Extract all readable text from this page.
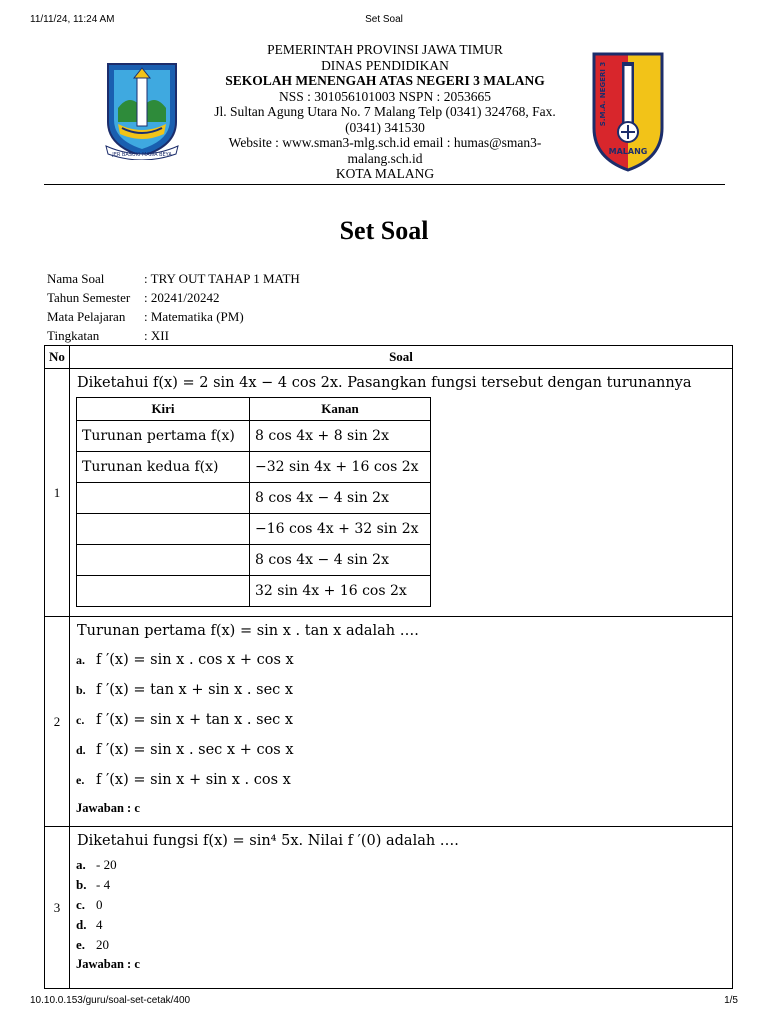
11/11/24, 11:24 AM	Set Soal
JER BASUKI MAWA BEYA
PEMERINTAH PROVINSI JAWA TIMUR
DINAS PENDIDIKAN
SEKOLAH MENENGAH ATAS NEGERI 3 MALANG
NSS : 301056101003 NSPN : 2053665
Jl. Sultan Agung Utara No. 7 Malang Telp (0341) 324768, Fax. (0341) 341530
Website : www.sman3-mlg.sch.id email : humas@sman3-malang.sch.id
KOTA MALANG
S.M.A. NEGERI 3
MALANG
Set Soal
Nama Soal	: TRY OUT TAHAP 1 MATH
Tahun Semester : 20241/20242
Mata Pelajaran : Matematika (PM)
Tingkatan	: XII
No	Soal
1	
Diketahui f(x) = 2 sin 4x − 4 cos 2x. Pasangkan fungsi tersebut dengan turunannya
Kiri	Kanan
Turunan pertama f(x)	8 cos 4x + 8 sin 2x
Turunan kedua f(x)	−32 sin 4x + 16 cos 2x
	8 cos 4x − 4 sin 2x
	−16 cos 4x + 32 sin 2x
	8 cos 4x − 4 sin 2x
	32 sin 4x + 16 cos 2x

2	
Turunan pertama f(x) = sin x . tan x adalah ….
a. f ′(x) = sin x . cos x + cos x
b. f ′(x) = tan x + sin x . sec x
c. f ′(x) = sin x + tan x . sec x
d. f ′(x) = sin x . sec x + cos x
e. f ′(x) = sin x + sin x . cos x
Jawaban : c

3	
Diketahui fungsi f(x) = sin⁴ 5x. Nilai f ′(0) adalah ….
a. - 20
b. - 4
c. 0
d. 4
e. 20
Jawaban : c
10.10.0.153/guru/soal-set-cetak/400	1/5
